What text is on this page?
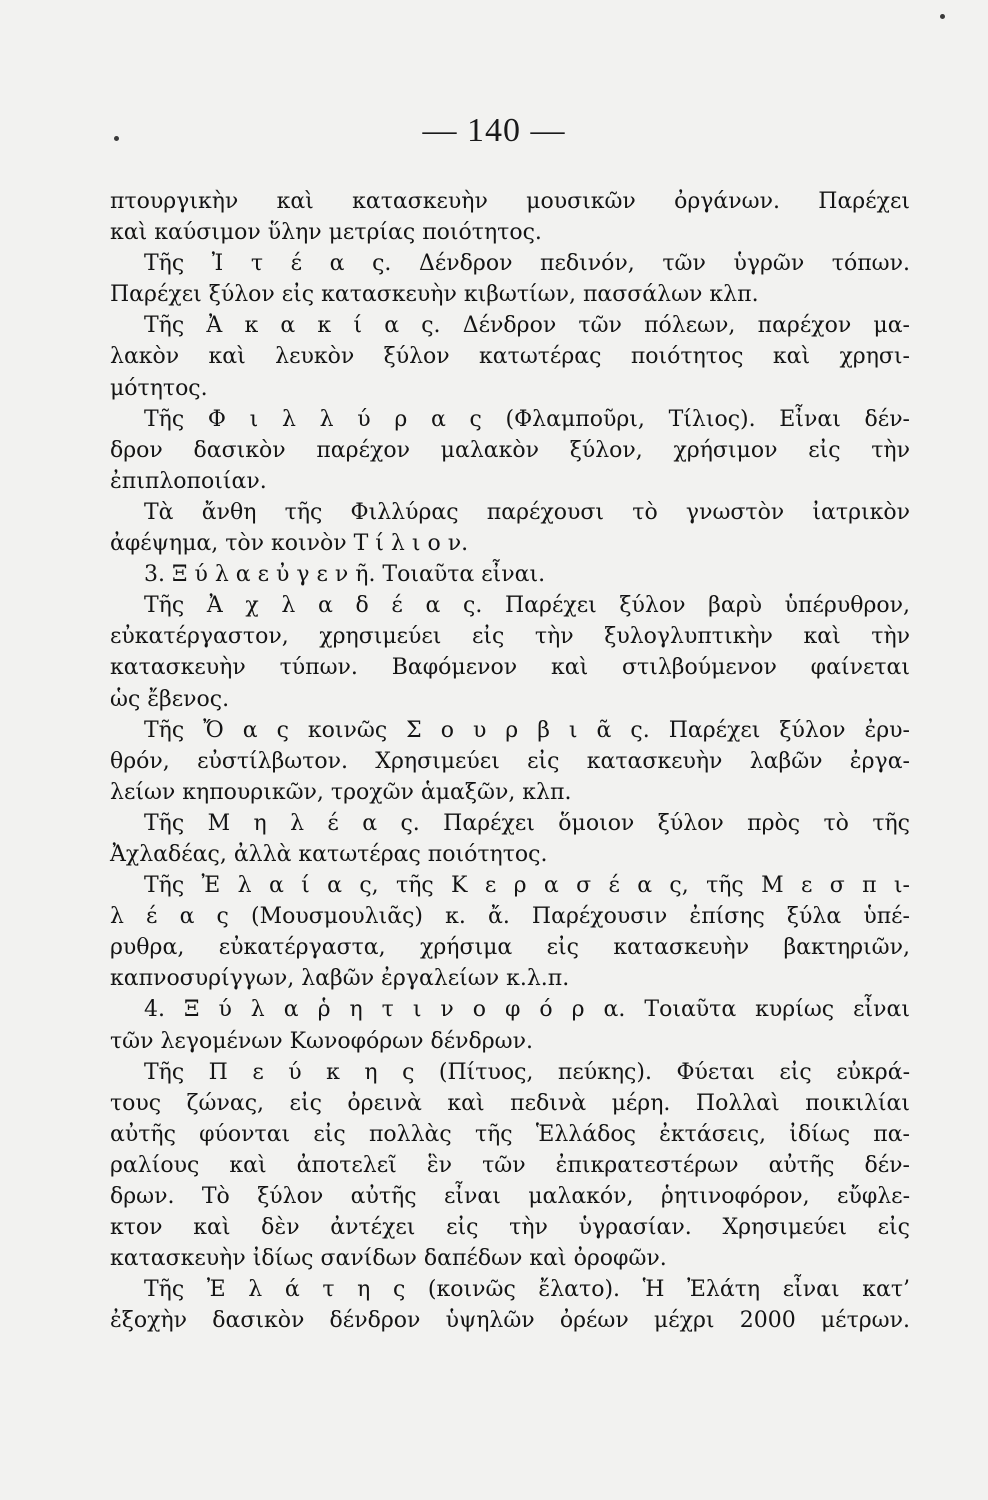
— 140 —
πτουργικὴν καὶ κατασκευὴν μουσικῶν ὀργάνων. Παρέχει
καὶ καύσιμον ὕλην μετρίας ποιότητος.
Τῆς Ἰ τ έ α ς. Δένδρον πεδινόν, τῶν ὑγρῶν τόπων.
Παρέχει ξύλον εἰς κατασκευὴν κιβωτίων, πασσάλων κλπ.
Τῆς Ἀ κ α κ ί α ς. Δένδρον τῶν πόλεων, παρέχον μα-
λακὸν καὶ λευκὸν ξύλον κατωτέρας ποιότητος καὶ χρησι-
μότητος.
Τῆς Φ ι λ λ ύ ρ α ς (Φλαμποῦρι, Τίλιος). Εἶναι δέν-
δρον δασικὸν παρέχον μαλακὸν ξύλον, χρήσιμον εἰς τὴν
ἐπιπλοποιίαν.
Τὰ ἄνθη τῆς Φιλλύρας παρέχουσι τὸ γνωστὸν ἰατρικὸν
ἀφέψημα, τὸν κοινὸν Τ ί λ ι ο ν.
3. Ξ ύ λ α ε ὐ γ ε ν ῆ. Τοιαῦτα εἶναι.
Τῆς Ἀ χ λ α δ έ α ς. Παρέχει ξύλον βαρὺ ὑπέρυθρον,
εὐκατέργαστον, χρησιμεύει εἰς τὴν ξυλογλυπτικὴν καὶ τὴν
κατασκευὴν τύπων. Βαφόμενον καὶ στιλβούμενον φαίνεται
ὡς ἔβενος.
Τῆς Ὄ α ς κοινῶς Σ ο υ ρ β ι ᾶ ς. Παρέχει ξύλον ἐρυ-
θρόν, εὐστίλβωτον. Χρησιμεύει εἰς κατασκευὴν λαβῶν ἐργα-
λείων κηπουρικῶν, τροχῶν ἁμαξῶν, κλπ.
Τῆς Μ η λ έ α ς. Παρέχει ὅμοιον ξύλον πρὸς τὸ τῆς
Ἀχλαδέας, ἀλλὰ κατωτέρας ποιότητος.
Τῆς Ἐ λ α ί α ς, τῆς Κ ε ρ α σ έ α ς, τῆς Μ ε σ π ι-
λ έ α ς (Μουσμουλιᾶς) κ. ἄ. Παρέχουσιν ἐπίσης ξύλα ὑπέ-
ρυθρα, εὐκατέργαστα, χρήσιμα εἰς κατασκευὴν βακτηριῶν,
καπνοσυρίγγων, λαβῶν ἐργαλείων κ.λ.π.
4. Ξ ύ λ α ῥ η τ ι ν ο φ ό ρ α. Τοιαῦτα κυρίως εἶναι
τῶν λεγομένων Κωνοφόρων δένδρων.
Τῆς Π ε ύ κ η ς (Πίτυος, πεύκης). Φύεται εἰς εὐκρά-
τους ζώνας, εἰς ὀρεινὰ καὶ πεδινὰ μέρη. Πολλαὶ ποικιλίαι
αὐτῆς φύονται εἰς πολλὰς τῆς Ἑλλάδος ἐκτάσεις, ἰδίως πα-
ραλίους καὶ ἀποτελεῖ ἓν τῶν ἐπικρατεστέρων αὐτῆς δέν-
δρων. Τὸ ξύλον αὐτῆς εἶναι μαλακόν, ῥητινοφόρον, εὔφλε-
κτον καὶ δὲν ἀντέχει εἰς τὴν ὑγρασίαν. Χρησιμεύει εἰς
κατασκευὴν ἰδίως σανίδων δαπέδων καὶ ὀροφῶν.
Τῆς Ἐ λ ά τ η ς (κοινῶς ἔλατο). Ἡ Ἐλάτη εἶναι κατ’
ἐξοχὴν δασικὸν δένδρον ὑψηλῶν ὀρέων μέχρι 2000 μέτρων.
